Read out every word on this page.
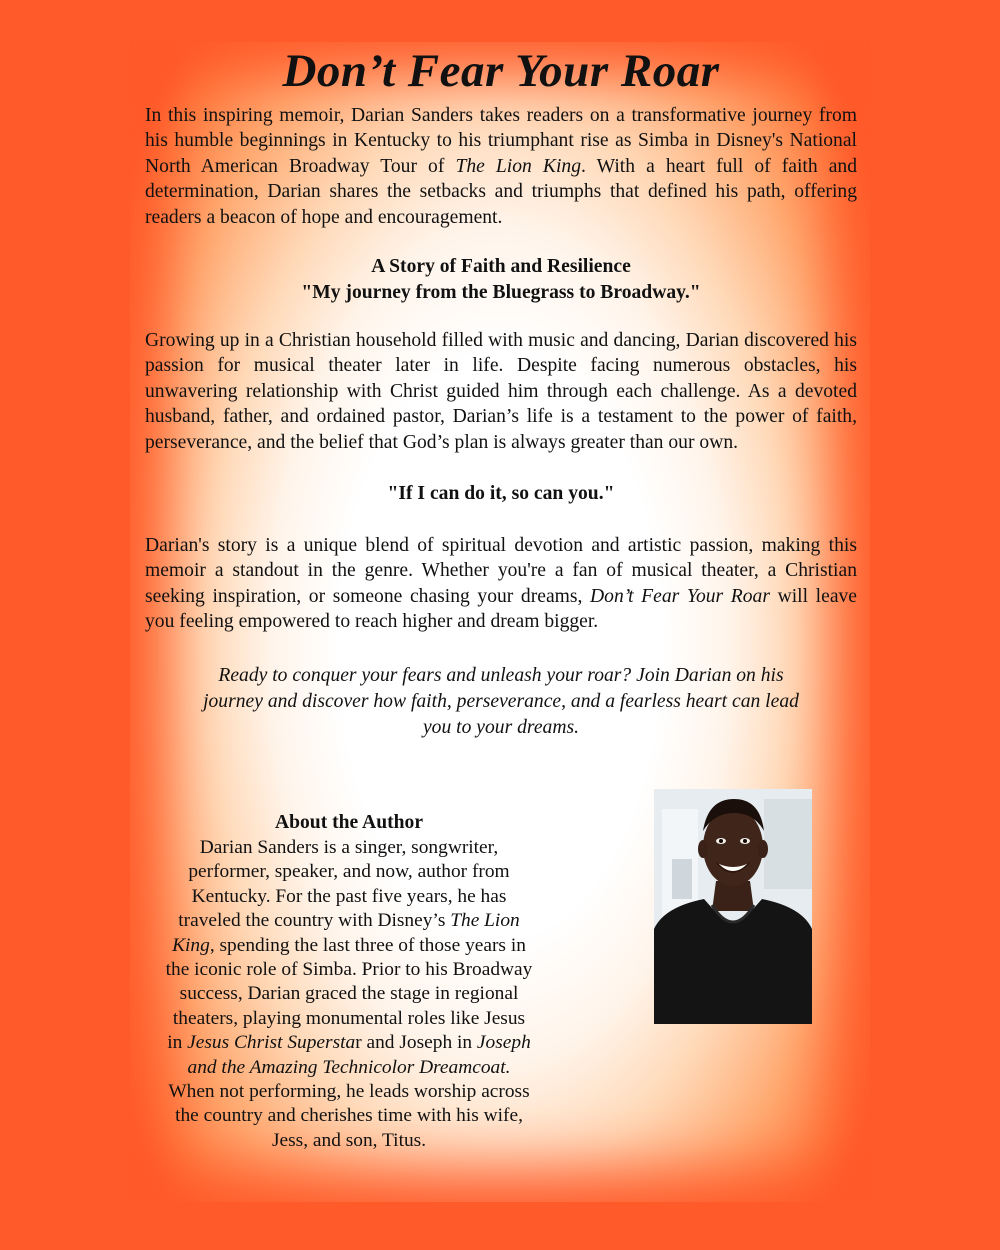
Don’t Fear Your Roar

In this inspiring memoir, Darian Sanders takes readers on a transformative journey from his humble beginnings in Kentucky to his triumphant rise as Simba in Disney's National North American Broadway Tour of The Lion King. With a heart full of faith and determination, Darian shares the setbacks and triumphs that defined his path, offering readers a beacon of hope and encouragement.

A Story of Faith and Resilience

"My journey from the Bluegrass to Broadway."

Growing up in a Christian household filled with music and dancing, Darian discovered his passion for musical theater later in life. Despite facing numerous obstacles, his unwavering relationship with Christ guided him through each challenge. As a devoted husband, father, and ordained pastor, Darian’s life is a testament to the power of faith, perseverance, and the belief that God’s plan is always greater than our own.

"If I can do it, so can you."

Darian's story is a unique blend of spiritual devotion and artistic passion, making this memoir a standout in the genre. Whether you're a fan of musical theater, a Christian seeking inspiration, or someone chasing your dreams, Don’t Fear Your Roar will leave you feeling empowered to reach higher and dream bigger.

Ready to conquer your fears and unleash your roar? Join Darian on his

journey and discover how faith, perseverance, and a fearless heart can lead

you to your dreams.

About the Author

Darian Sanders is a singer, songwriter,

performer, speaker, and now, author from

Kentucky. For the past five years, he has

traveled the country with Disney’s The Lion

King, spending the last three of those years in

the iconic role of Simba. Prior to his Broadway

success, Darian graced the stage in regional

theaters, playing monumental roles like Jesus

in Jesus Christ Superstar and Joseph in Joseph

and the Amazing Technicolor Dreamcoat.

When not performing, he leads worship across

the country and cherishes time with his wife,

Jess, and son, Titus.
